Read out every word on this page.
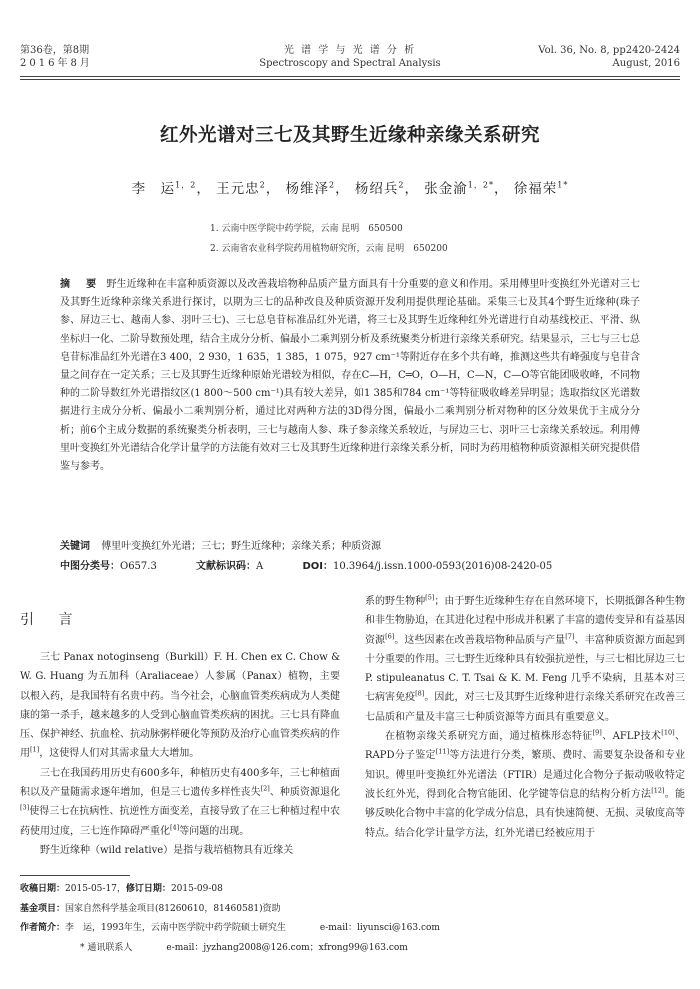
第36卷，第8期
2016年8月
光 谱 学 与 光 谱 分 析
Spectroscopy and Spectral Analysis
Vol. 36, No. 8, pp2420-2424
August, 2016
红外光谱对三七及其野生近缘种亲缘关系研究
李　运$^{1,2}$， 王元忠$^2$， 杨维泽$^2$， 杨绍兵$^2$， 张金渝$^{1,2*}$， 徐福荣$^{1*}$
1. 云南中医学院中药学院，云南 昆明　650500
2. 云南省农业科学院药用植物研究所，云南 昆明　650200
摘　要 野生近缘种在丰富种质资源以及改善栽培物种品质产量方面具有十分重要的意义和作用。采用傅里叶变换红外光谱对三七及其野生近缘种亲缘关系进行探讨，以期为三七的品种改良及种质资源开发利用提供理论基础。采集三七及其4个野生近缘种(珠子参、屏边三七、越南人参、羽叶三七)、三七总皂苷标准品红外光谱，将三七及其野生近缘种红外光谱进行自动基线校正、平滑、纵坐标归一化、二阶导数预处理，结合主成分分析、偏最小二乘判别分析及系统聚类分析进行亲缘关系研究。结果显示，三七与三七总皂苷标准品红外光谱在3 400，2 930，1 635，1 385，1 075，927 cm⁻¹等附近存在多个共有峰，推测这些共有峰强度与皂苷含量之间存在一定关系；三七及其野生近缘种原始光谱较为相似，存在C—H，C═O，O—H，C—N，C—O等官能团吸收峰，不同物种的二阶导数红外光谱指纹区(1 800～500 cm⁻¹)具有较大差异，如1 385和784 cm⁻¹等特征吸收峰差异明显；选取指纹区光谱数据进行主成分分析、偏最小二乘判别分析，通过比对两种方法的3D得分图，偏最小二乘判别分析对物种的区分效果优于主成分分析；前6个主成分数据的系统聚类分析表明，三七与越南人参、珠子参亲缘关系较近，与屏边三七、羽叶三七亲缘关系较远。利用傅里叶变换红外光谱结合化学计量学的方法能有效对三七及其野生近缘种进行亲缘关系分析，同时为药用植物种质资源相关研究提供借鉴与参考。
关键词 傅里叶变换红外光谱；三七；野生近缘种；亲缘关系；种质资源
中图分类号：O657.3	文献标识码：A	DOI：10.3964/j.issn.1000-0593(2016)08-2420-05
引 言

三七 Panax notoginseng（Burkill）F. H. Chen ex C. Chow & W. G. Huang 为五加科（Araliaceae）人参属（Panax）植物，主要以根入药，是我国特有名贵中药。当今社会，心脑血管类疾病成为人类健康的第一杀手，越来越多的人受到心脑血管类疾病的困扰。三七具有降血压、保护神经、抗血栓、抗动脉粥样硬化等预防及治疗心血管类疾病的作用[1]，这使得人们对其需求量大大增加。

三七在我国药用历史有600多年，种植历史有400多年，三七种植面积以及产量随需求逐年增加，但是三七遗传多样性丧失[2]、种质资源退化[3]使得三七在抗病性、抗逆性方面变差，直接导致了在三七种植过程中农药使用过度，三七连作障碍严重化[4]等问题的出现。

野生近缘种（wild relative）是指与栽培植物具有近缘关

系的野生物种[5]；由于野生近缘种生存在自然环境下，长期抵御各种生物和非生物胁迫，在其进化过程中形成并积累了丰富的遗传变异和有益基因资源[6]。这些因素在改善栽培物种品质与产量[7]、丰富种质资源方面起到十分重要的作用。三七野生近缘种具有较强抗逆性，与三七相比屏边三七 P. stipuleanatus C. T. Tsai & K. M. Feng 几乎不染病，且基本对三七病害免疫[8]。因此，对三七及其野生近缘种进行亲缘关系研究在改善三七品质和产量及丰富三七种质资源等方面具有重要意义。

在植物亲缘关系研究方面，通过植株形态特征[9]、AFLP技术[10]、RAPD分子鉴定[11]等方法进行分类，繁琐、费时、需要复杂设备和专业知识。傅里叶变换红外光谱法（FTIR）是通过化合物分子振动吸收特定波长红外光，得到化合物官能团、化学键等信息的结构分析方法[12]。能够反映化合物中丰富的化学成分信息，具有快速简便、无损、灵敏度高等特点。结合化学计量学方法，红外光谱已经被应用于

收稿日期：2015-05-17，修订日期：2015-09-08
基金项目：国家自然科学基金项目(81260610，81460581)资助
作者简介：李　运，1993年生，云南中医学院中药学院硕士研究生	e-mail：liyunsci@163.com
* 通讯联系人	e-mail：jyzhang2008@126.com；xfrong99@163.com
